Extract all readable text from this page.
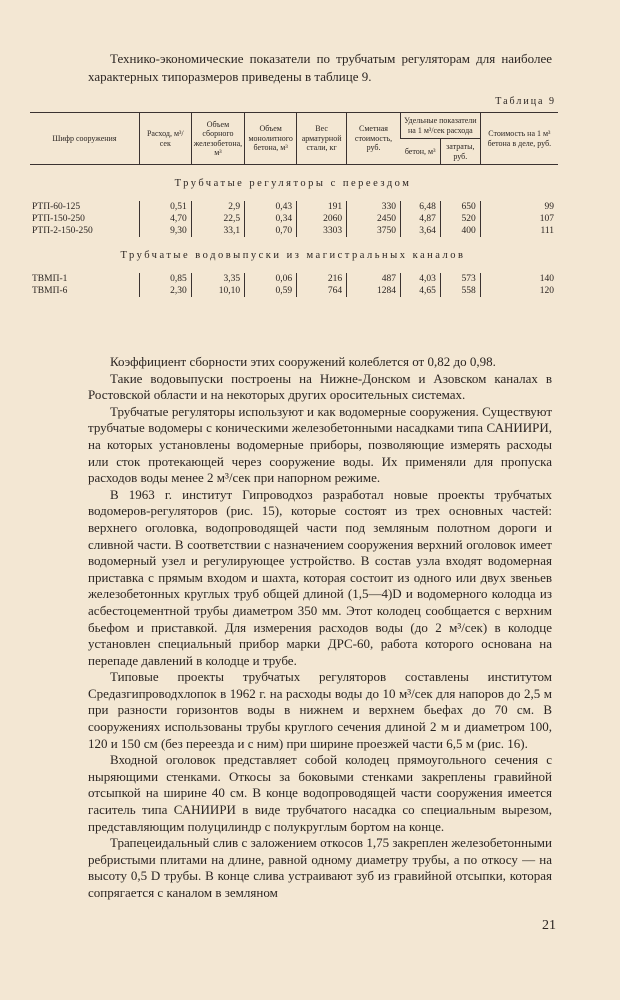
Технико-экономические показатели по трубчатым регуляторам для наиболее характерных типоразмеров приведены в таблице 9.

Таблица 9
Шифр сооружения	Расход, м³/сек	Объем сборного железобетона, м³	Объем монолитного бетона, м³	Вес арматурной стали, кг	Сметная стоимость, руб.	Удельные показатели на 1 м³/сек расхода		Стоимость на 1 м³ бетона в деле, руб.
						бетон, м³	затраты, руб.	
Трубчатые регуляторы с переездом								
РТП-60-125	0,51	2,9	0,43	191	330	6,48	650	99
РТП-150-250	4,70	22,5	0,34	2060	2450	4,87	520	107
РТП-2-150-250	9,30	33,1	0,70	3303	3750	3,64	400	111
Трубчатые водовыпуски из магистральных каналов								
ТВМП-1	0,85	3,35	0,06	216	487	4,03	573	140
ТВМП-6	2,30	10,10	0,59	764	1284	4,65	558	120

Коэффициент сборности этих сооружений колеблется от 0,82 до 0,98.

Такие водовыпуски построены на Нижне-Донском и Азовском каналах в Ростовской области и на некоторых других оросительных системах.

Трубчатые регуляторы используют и как водомерные сооружения. Существуют трубчатые водомеры с коническими железобетонными насадками типа САНИИРИ, на которых установлены водомерные приборы, позволяющие измерять расходы или сток протекающей через сооружение воды. Их применяли для пропуска расходов воды менее 2 м³/сек при напорном режиме.

В 1963 г. институт Гипроводхоз разработал новые проекты трубчатых водомеров-регуляторов (рис. 15), которые состоят из трех основных частей: верхнего оголовка, водопроводящей части под земляным полотном дороги и сливной части. В соответствии с назначением сооружения верхний оголовок имеет водомерный узел и регулирующее устройство. В состав узла входят водомерная приставка с прямым входом и шахта, которая состоит из одного или двух звеньев железобетонных круглых труб общей длиной (1,5—4)D и водомерного колодца из асбестоцементной трубы диаметром 350 мм. Этот колодец сообщается с верхним бьефом и приставкой. Для измерения расходов воды (до 2 м³/сек) в колодце установлен специальный прибор марки ДРС-60, работа которого основана на перепаде давлений в колодце и трубе.

Типовые проекты трубчатых регуляторов составлены институтом Средазгипроводхлопок в 1962 г. на расходы воды до 10 м³/сек для напоров до 2,5 м при разности горизонтов воды в нижнем и верхнем бьефах до 70 см. В сооружениях использованы трубы круглого сечения длиной 2 м и диаметром 100, 120 и 150 см (без переезда и с ним) при ширине проезжей части 6,5 м (рис. 16).

Входной оголовок представляет собой колодец прямоугольного сечения с ныряющими стенками. Откосы за боковыми стенками закреплены гравийной отсыпкой на ширине 40 см. В конце водопроводящей части сооружения имеется гаситель типа САНИИРИ в виде трубчатого насадка со специальным вырезом, представляющим полуцилиндр с полукруглым бортом на конце.

Трапецеидальный слив с заложением откосов 1,75 закреплен железобетонными ребристыми плитами на длине, равной одному диаметру трубы, а по откосу — на высоту 0,5 D трубы. В конце слива устраивают зуб из гравийной отсыпки, которая сопрягается с каналом в земляном

21
